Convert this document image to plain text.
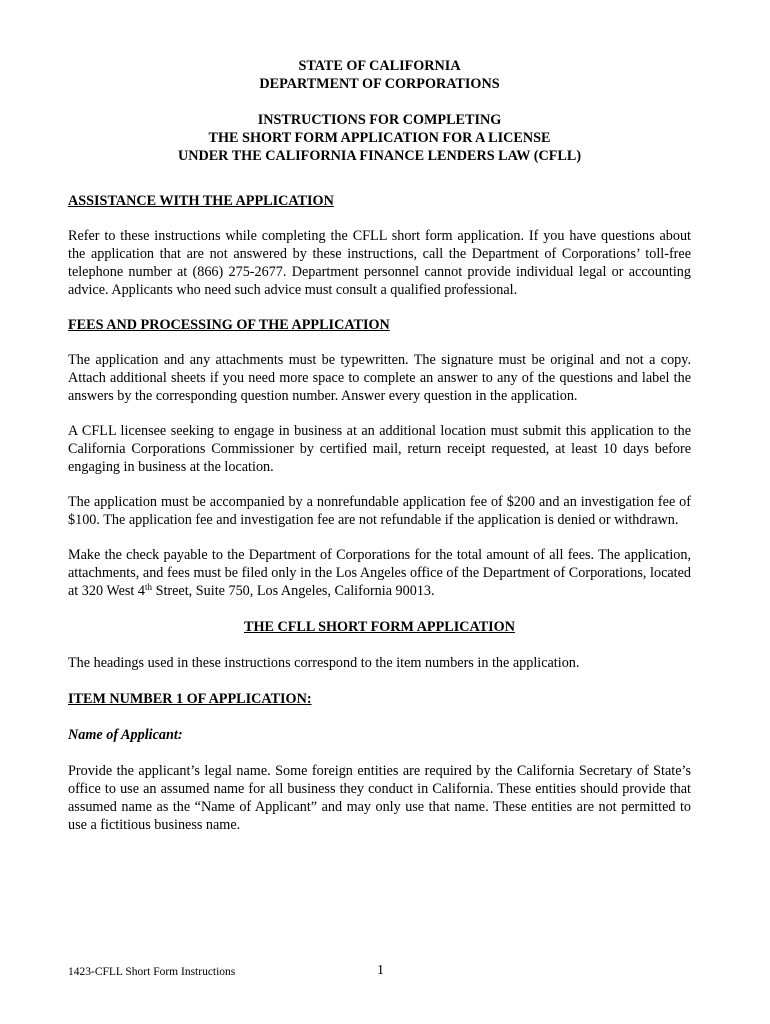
STATE OF CALIFORNIA

DEPARTMENT OF CORPORATIONS

INSTRUCTIONS FOR COMPLETING

THE SHORT FORM APPLICATION FOR A LICENSE

UNDER THE CALIFORNIA FINANCE LENDERS LAW (CFLL)

ASSISTANCE WITH THE APPLICATION

Refer to these instructions while completing the CFLL short form application. If you have questions about the application that are not answered by these instructions, call the Department of Corporations’ toll-free telephone number at (866) 275-2677. Department personnel cannot provide individual legal or accounting advice. Applicants who need such advice must consult a qualified professional.

FEES AND PROCESSING OF THE APPLICATION

The application and any attachments must be typewritten. The signature must be original and not a copy. Attach additional sheets if you need more space to complete an answer to any of the questions and label the answers by the corresponding question number. Answer every question in the application.

A CFLL licensee seeking to engage in business at an additional location must submit this application to the California Corporations Commissioner by certified mail, return receipt requested, at least 10 days before engaging in business at the location.

The application must be accompanied by a nonrefundable application fee of $200 and an investigation fee of $100. The application fee and investigation fee are not refundable if the application is denied or withdrawn.

Make the check payable to the Department of Corporations for the total amount of all fees. The application, attachments, and fees must be filed only in the Los Angeles office of the Department of Corporations, located at 320 West 4th Street, Suite 750, Los Angeles, California 90013.

THE CFLL SHORT FORM APPLICATION

The headings used in these instructions correspond to the item numbers in the application.

ITEM NUMBER 1 OF APPLICATION:

Name of Applicant:

Provide the applicant’s legal name. Some foreign entities are required by the California Secretary of State’s office to use an assumed name for all business they conduct in California. These entities should provide that assumed name as the “Name of Applicant” and may only use that name. These entities are not permitted to use a fictitious business name.

1423-CFLL Short Form Instructions	1
